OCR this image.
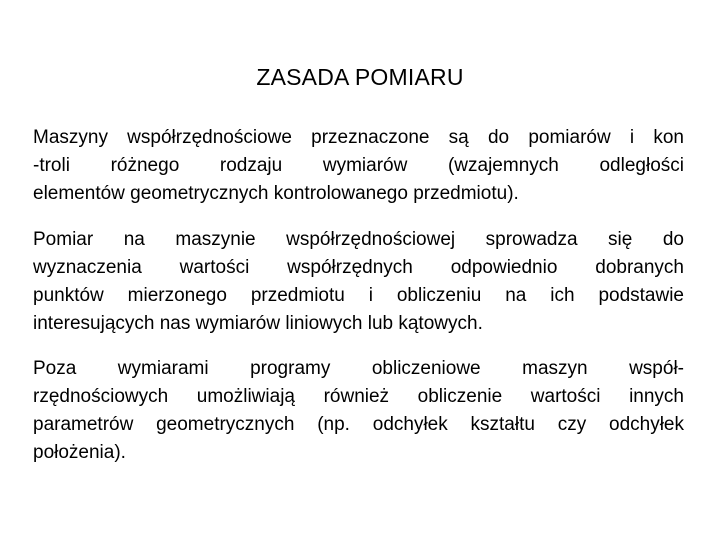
ZASADA POMIARU

Maszyny współrzędnościowe przeznaczone są do pomiarów i kon
-troli różnego rodzaju wymiarów (wzajemnych odległości
elementów geometrycznych kontrolowanego przedmiotu).

Pomiar na maszynie współrzędnościowej sprowadza się do
wyznaczenia wartości współrzędnych odpowiednio dobranych
punktów mierzonego przedmiotu i obliczeniu na ich podstawie
interesujących nas wymiarów liniowych lub kątowych.

Poza wymiarami programy obliczeniowe maszyn współ-
rzędnościowych umożliwiają również obliczenie wartości innych
parametrów geometrycznych (np. odchyłek kształtu czy odchyłek
położenia).
